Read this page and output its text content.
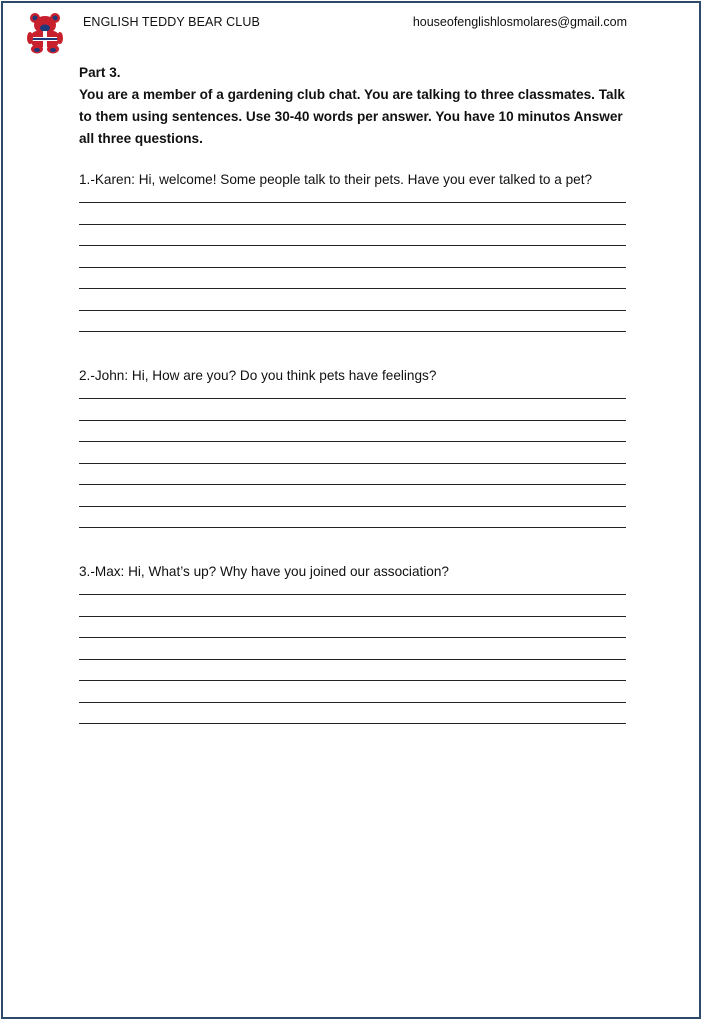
ENGLISH TEDDY BEAR CLUB	houseofenglishlosmolares@gmail.com

Part 3.

You are a member of a gardening club chat. You are talking to three classmates. Talk to them using sentences. Use 30-40 words per answer. You have 10 minutos Answer all three questions.

1.-Karen: Hi, welcome! Some people talk to their pets. Have you ever talked to a pet?
2.-John: Hi, How are you? Do you think pets have feelings?
3.-Max: Hi, What’s up? Why have you joined our association?
